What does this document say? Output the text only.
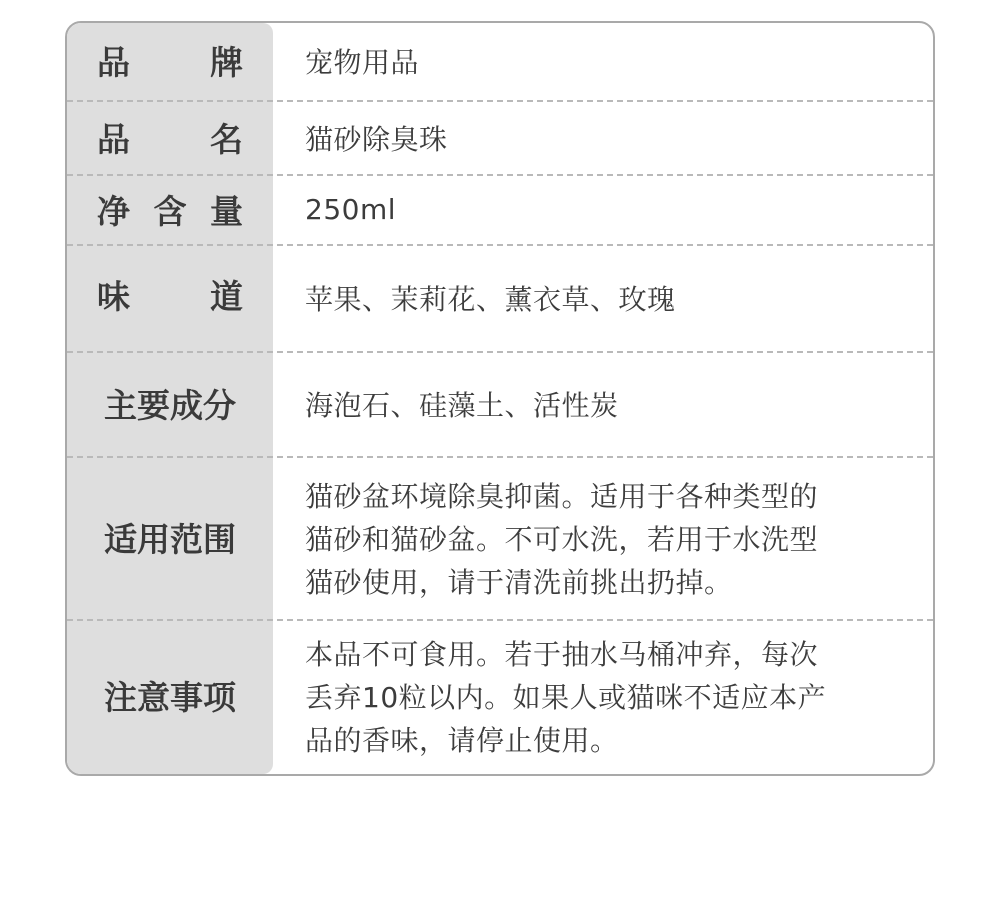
品 牌 宠物用品
品 名 猫砂除臭珠
净 含 量 250ml
味 道 苹果、茉莉花、薰衣草、玫瑰
主要成分 海泡石、硅藻土、活性炭
适用范围
猫砂盆环境除臭抑菌。适用于各种类型的
猫砂和猫砂盆。不可水洗，若用于水洗型
猫砂使用，请于清洗前挑出扔掉。
注意事项
本品不可食用。若于抽水马桶冲弃，每次
丢弃10粒以内。如果人或猫咪不适应本产
品的香味，请停止使用。
